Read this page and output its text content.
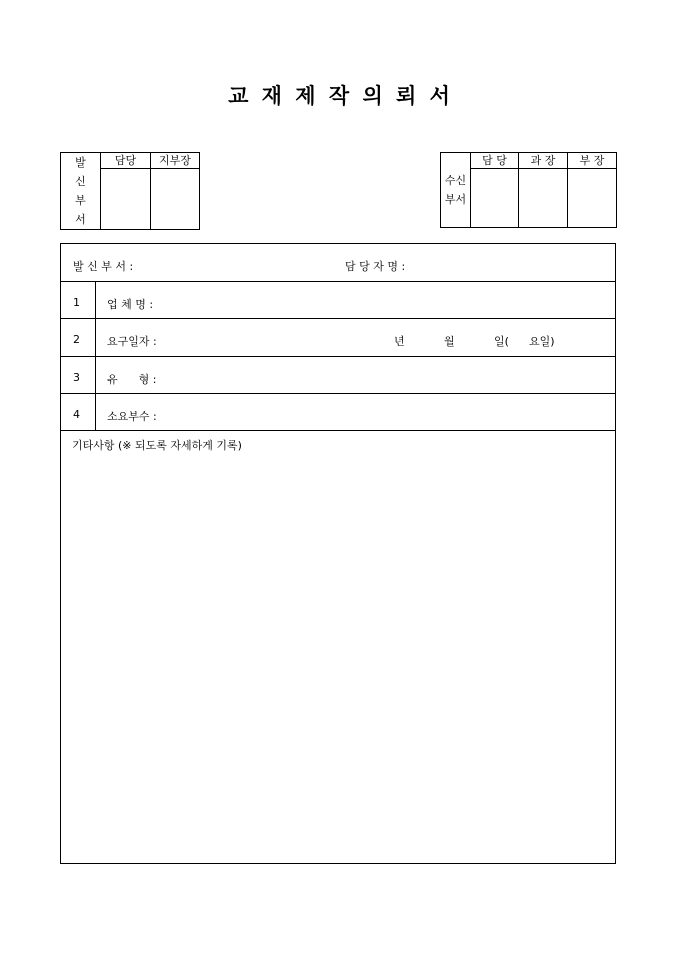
교 재 제 작 의 뢰 서
발
신
부
서	담당	지부장

수신
부서	담 당	과 장	부 장

발 신 부 서 :	담 당 자 명 :
1 업 체 명 :
2 요구일자 :	년	월	일( 요일)
3 유      형 :
4 소요부수 :
기타사항 (※ 되도록 자세하게 기록)
